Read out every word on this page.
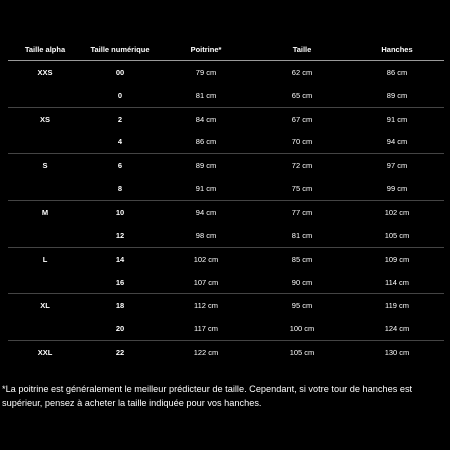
Taille alpha	Taille numérique	Poitrine*	Taille	Hanches
XXS	00	79 cm	62 cm	86 cm
	0	81 cm	65 cm	89 cm
XS	2	84 cm	67 cm	91 cm
	4	86 cm	70 cm	94 cm
S	6	89 cm	72 cm	97 cm
	8	91 cm	75 cm	99 cm
M	10	94 cm	77 cm	102 cm
	12	98 cm	81 cm	105 cm
L	14	102 cm	85 cm	109 cm
	16	107 cm	90 cm	114 cm
XL	18	112 cm	95 cm	119 cm
	20	117 cm	100 cm	124 cm
XXL	22	122 cm	105 cm	130 cm

*La poitrine est généralement le meilleur prédicteur de taille. Cependant, si votre tour de hanches est supérieur, pensez à acheter la taille indiquée pour vos hanches.
